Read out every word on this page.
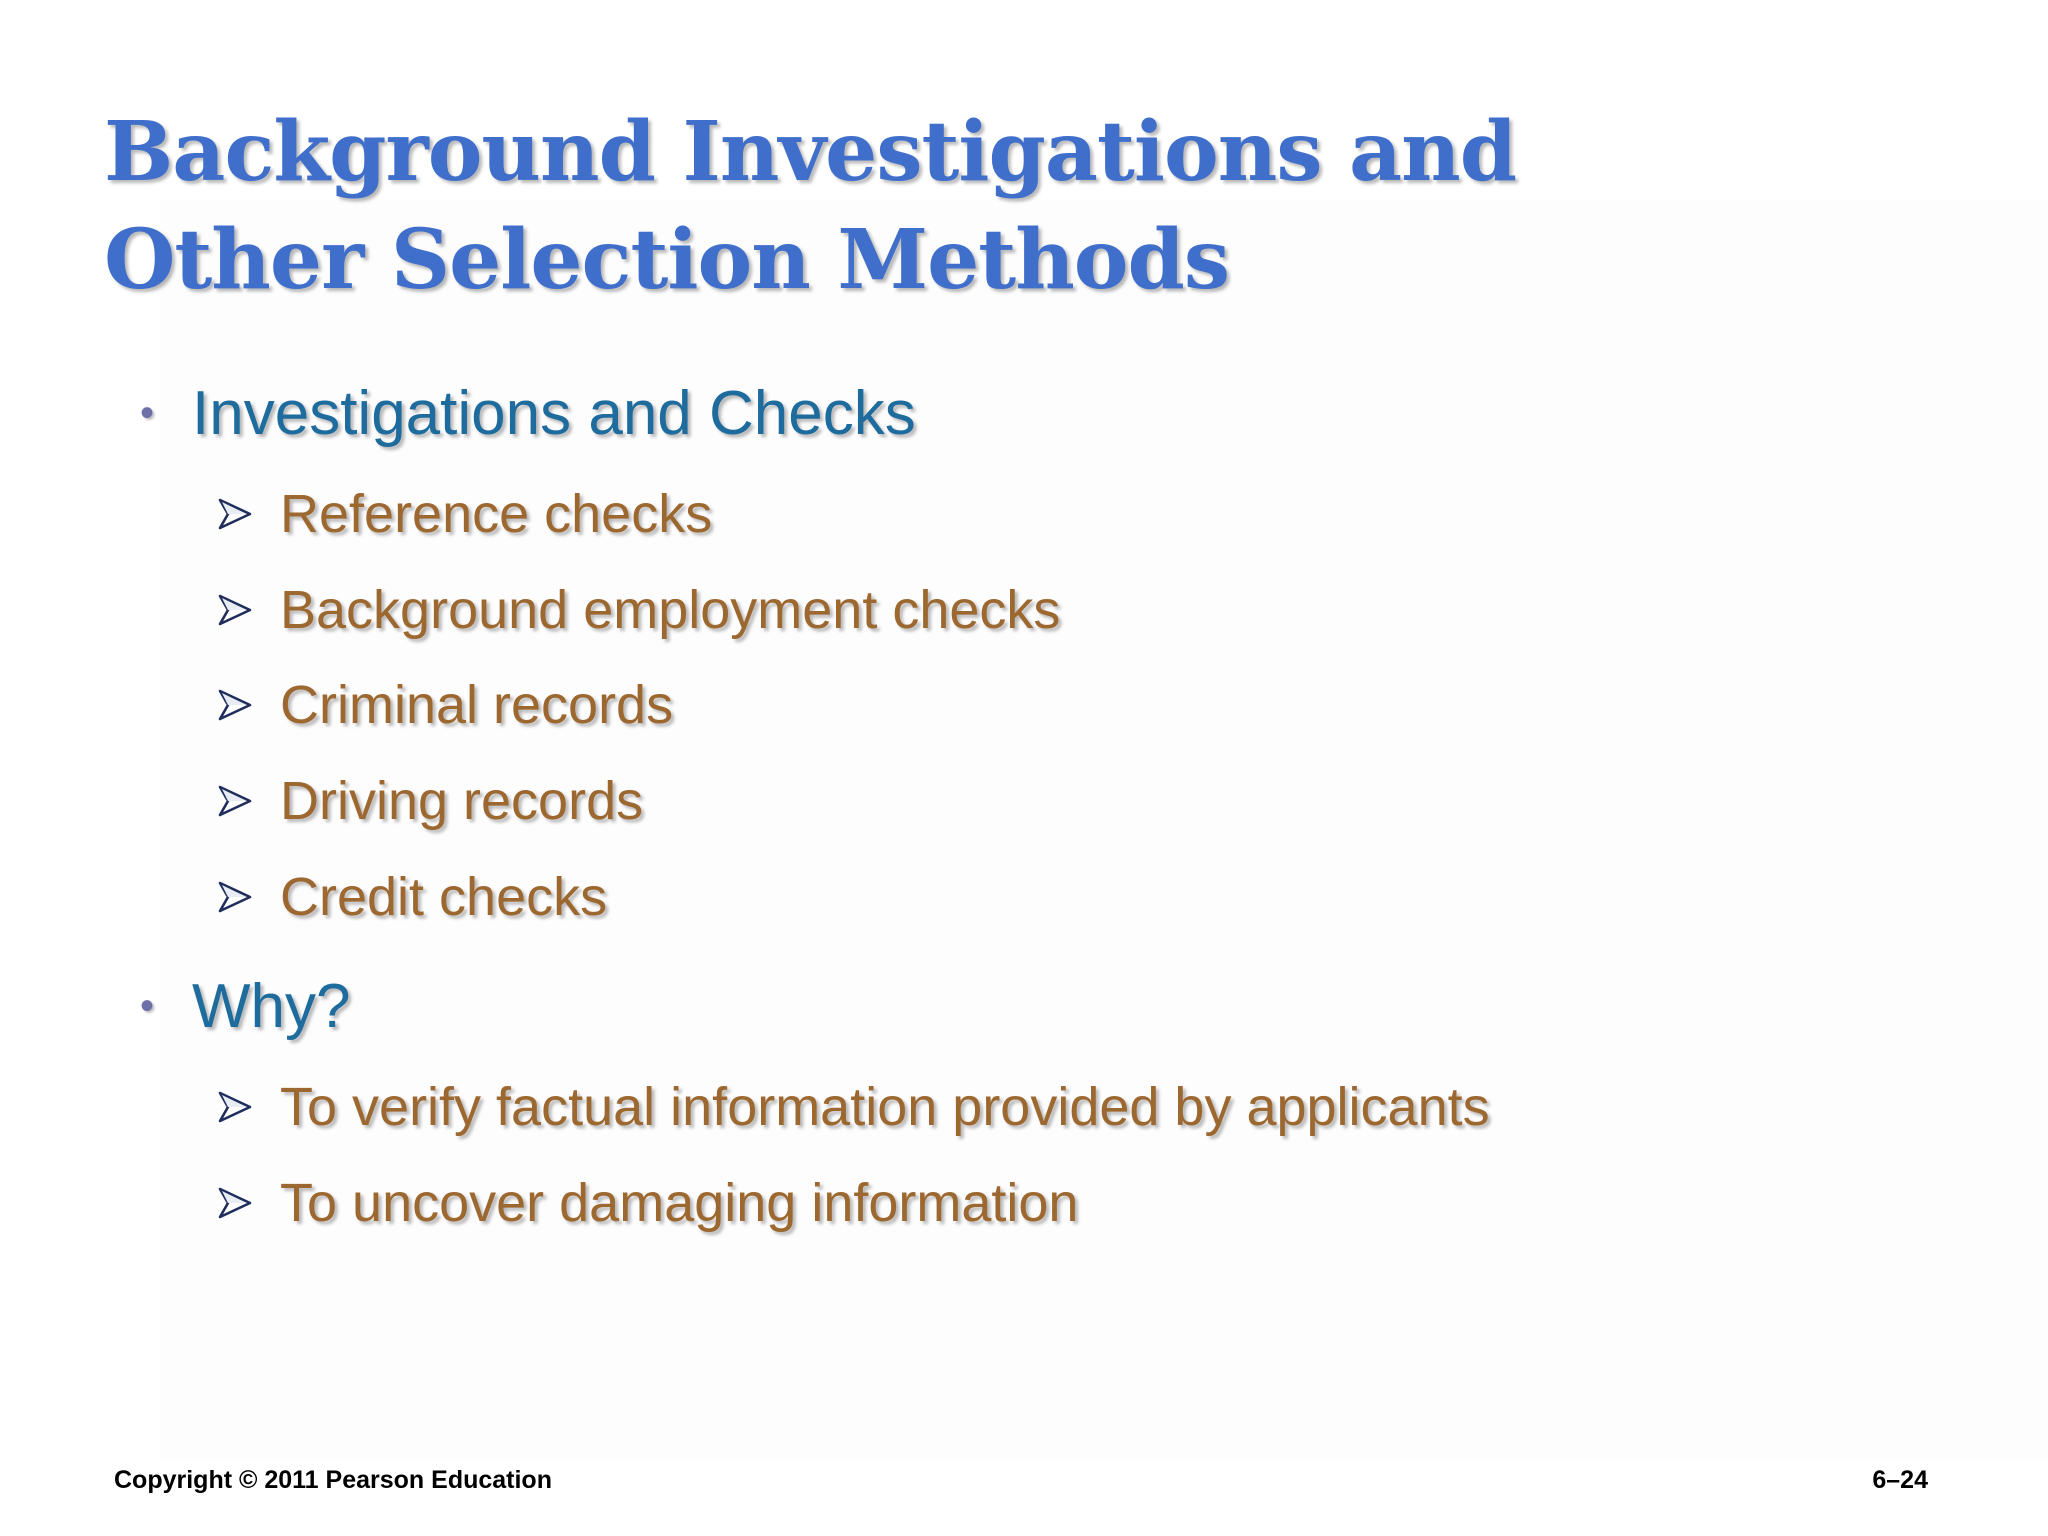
Background Investigations and
Other Selection Methods
• Investigations and Checks
Reference checks
Background employment checks
Criminal records
Driving records
Credit checks
• Why?
To verify factual information provided by applicants
To uncover damaging information
Copyright © 2011 Pearson Education	6–24
